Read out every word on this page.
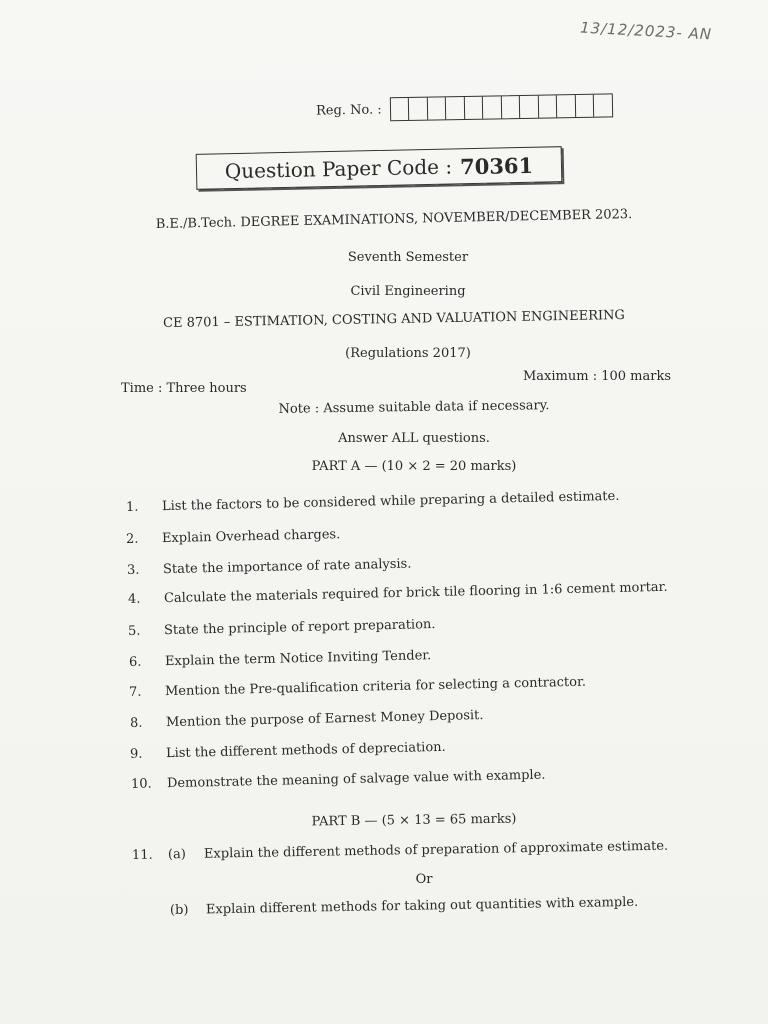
13/12/2023- AN
Reg. No. :
Question Paper Code : 70361
B.E./B.Tech. DEGREE EXAMINATIONS, NOVEMBER/DECEMBER 2023.
Seventh Semester
Civil Engineering
CE 8701 – ESTIMATION, COSTING AND VALUATION ENGINEERING
(Regulations 2017)
Time : Three hours
Maximum : 100 marks
Note : Assume suitable data if necessary.
Answer ALL questions.
PART A — (10 × 2 = 20 marks)
1.	List the factors to be considered while preparing a detailed estimate.
2.	Explain Overhead charges.
3.	State the importance of rate analysis.
4.	Calculate the materials required for brick tile flooring in 1:6 cement mortar.
5.	State the principle of report preparation.
6.	Explain the term Notice Inviting Tender.
7.	Mention the Pre-qualification criteria for selecting a contractor.
8.	Mention the purpose of Earnest Money Deposit.
9.	List the different methods of depreciation.
10.	Demonstrate the meaning of salvage value with example.
PART B — (5 × 13 = 65 marks)
11.	(a)	Explain the different methods of preparation of approximate estimate.
Or
(b)	Explain different methods for taking out quantities with example.
